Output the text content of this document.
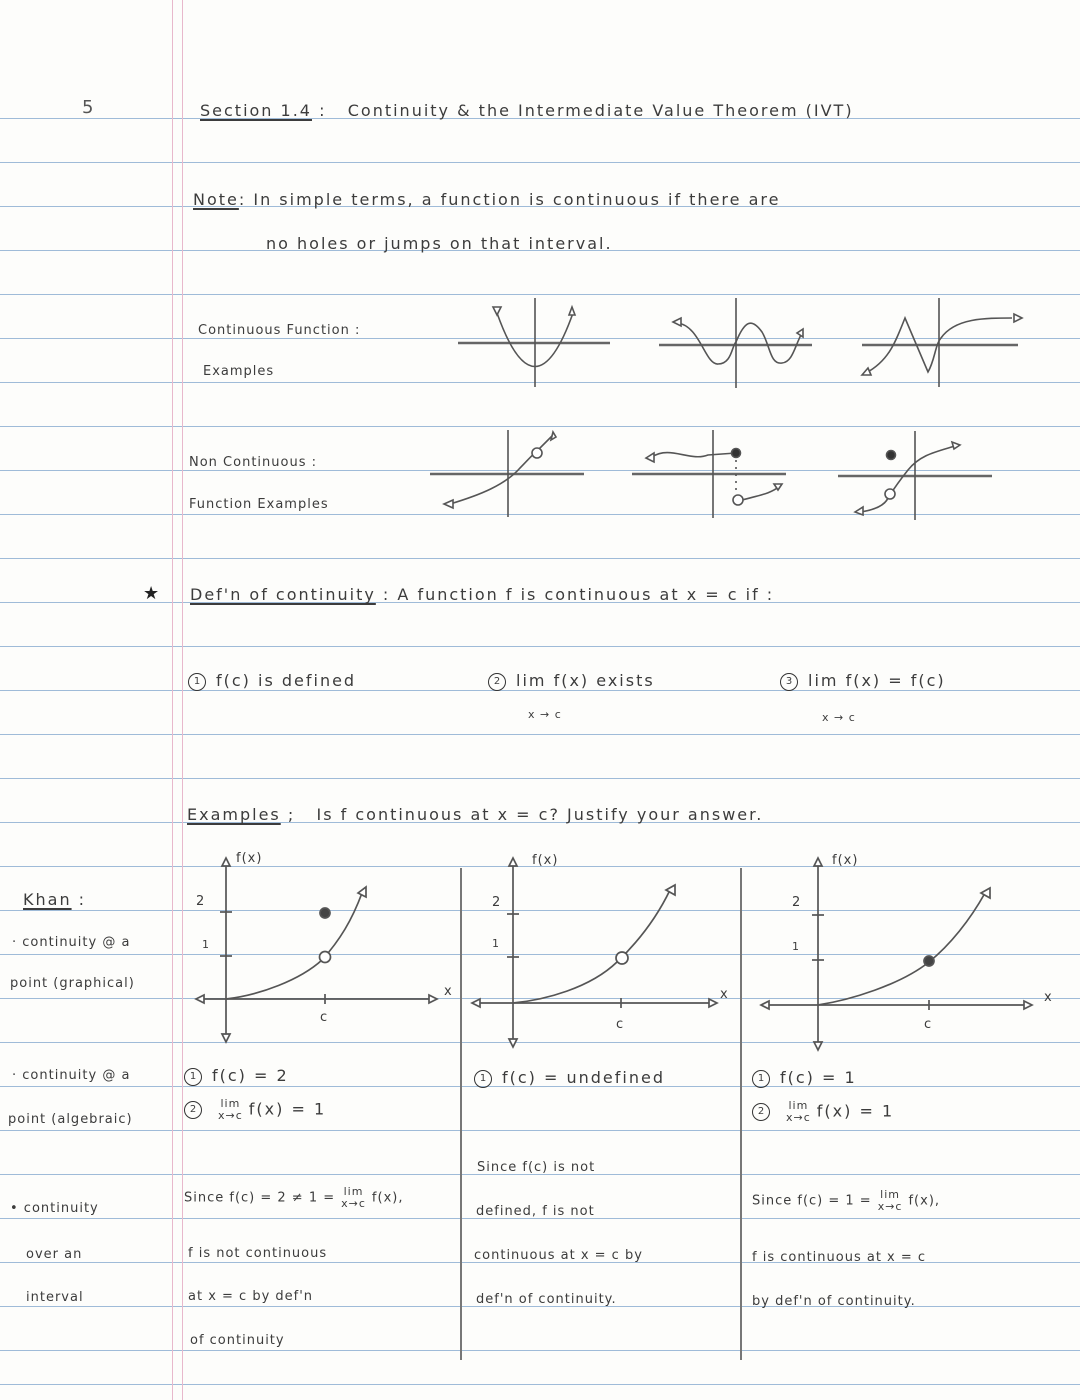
5	Section 1.4 :   Continuity & the Intermediate Value Theorem (IVT)
Note: In simple terms, a function is continuous if there are
no holes or jumps on that interval.
Continuous Function :
Examples
Non Continuous :
Function Examples
★ Def'n of continuity : A function f is continuous at x = c if :
1 f(c) is defined	2 lim f(x) exists
x → c
3 lim f(x) = f(c)
x → c
Examples ;   Is f continuous at x = c? Justify your answer.
Khan :
· continuity @ a
point (graphical)
· continuity @ a
point (algebraic)
• continuity
over an
interval
f(x)
2
1
x
c
f(x)
2
1
x
c
f(x)
2
1
x
c
1 f(c) = 2
2 lim
x→c f(x) = 1
Since f(c) = 2 ≠ 1 = lim
x→c f(x),
f is not continuous
at x = c by def'n
of continuity
1 f(c) = undefined
Since f(c) is not
defined, f is not
continuous at x = c by
def'n of continuity.
1 f(c) = 1
2 lim
x→c f(x) = 1
Since f(c) = 1 = lim
x→c f(x),
f is continuous at x = c
by def'n of continuity.
